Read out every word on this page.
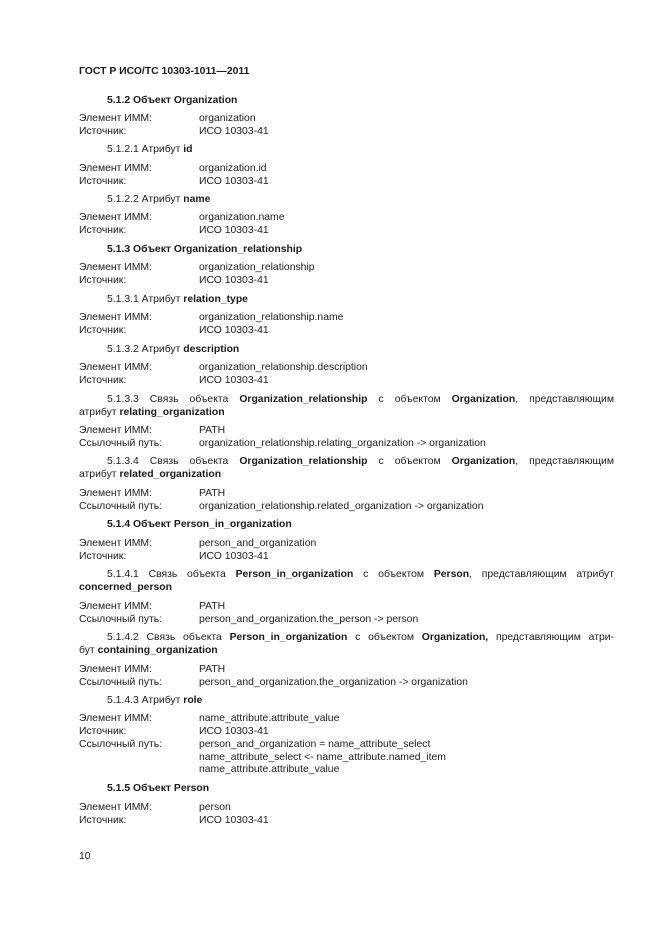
ГОСТ Р ИСО/ТС 10303-1011—2011
5.1.2 Объект Organization
Элемент ИММ:	organization
Источник:	ИСО 10303-41
5.1.2.1 Атрибут id
Элемент ИММ:	organization.id
Источник:	ИСО 10303-41
5.1.2.2 Атрибут name
Элемент ИММ:	organization.name
Источник:	ИСО 10303-41
5.1.3 Объект Organization_relationship
Элемент ИММ:	organization_relationship
Источник:	ИСО 10303-41
5.1.3.1 Атрибут relation_type
Элемент ИММ:	organization_relationship.name
Источник:	ИСО 10303-41
5.1.3.2 Атрибут description
Элемент ИММ:	organization_relationship.description
Источник:	ИСО 10303-41
5.1.3.3 Связь объекта Organization_relationship с объектом Organization, представляющим
атрибут relating_organization
Элемент ИММ:	PATH
Ссылочный путь:	organization_relationship.relating_organization -> organization
5.1.3.4 Связь объекта Organization_relationship с объектом Organization, представляющим
атрибут related_organization
Элемент ИММ:	PATH
Ссылочный путь:	organization_relationship.related_organization -> organization
5.1.4 Объект Person_in_organization
Элемент ИММ:	person_and_organization
Источник:	ИСО 10303-41
5.1.4.1 Связь объекта Person_in_organization с объектом Person, представляющим атрибут
concerned_person
Элемент ИММ:	PATH
Ссылочный путь:	person_and_organization.the_person -> person
5.1.4.2 Связь объекта Person_in_organization с объектом Organization, представляющим атри-
бут containing_organization
Элемент ИММ:	PATH
Ссылочный путь:	person_and_organization.the_organization -> organization
5.1.4.3 Атрибут role
Элемент ИММ:	name_attribute.attribute_value
Источник:	ИСО 10303-41
Ссылочный путь:	person_and_organization = name_attribute_select
name_attribute_select <- name_attribute.named_item
name_attribute.attribute_value
5.1.5 Объект Person
Элемент ИММ:	person
Источник:	ИСО 10303-41
10
